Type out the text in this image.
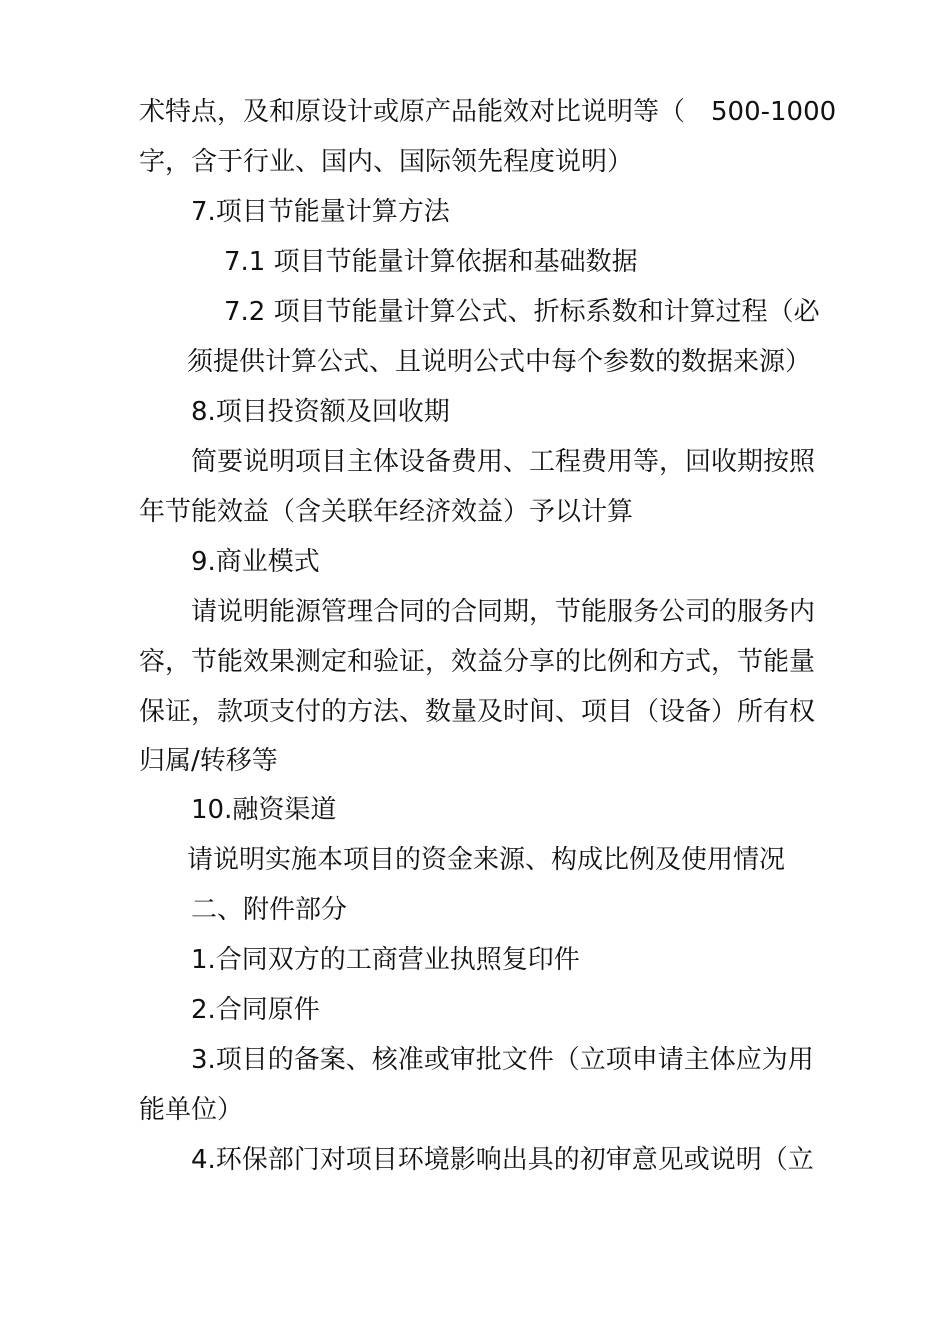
术特点，及和原设计或原产品能效对比说明等（　500-1000
字，含于行业、国内、国际领先程度说明）
7.项目节能量计算方法
7.1 项目节能量计算依据和基础数据
7.2 项目节能量计算公式、折标系数和计算过程（必
须提供计算公式、且说明公式中每个参数的数据来源）
8.项目投资额及回收期
简要说明项目主体设备费用、工程费用等，回收期按照
年节能效益（含关联年经济效益）予以计算
9.商业模式
请说明能源管理合同的合同期，节能服务公司的服务内
容，节能效果测定和验证，效益分享的比例和方式，节能量
保证，款项支付的方法、数量及时间、项目（设备）所有权
归属/转移等
10.融资渠道
请说明实施本项目的资金来源、构成比例及使用情况
二、附件部分
1.合同双方的工商营业执照复印件
2.合同原件
3.项目的备案、核准或审批文件（立项申请主体应为用
能单位）
4.环保部门对项目环境影响出具的初审意见或说明（立
